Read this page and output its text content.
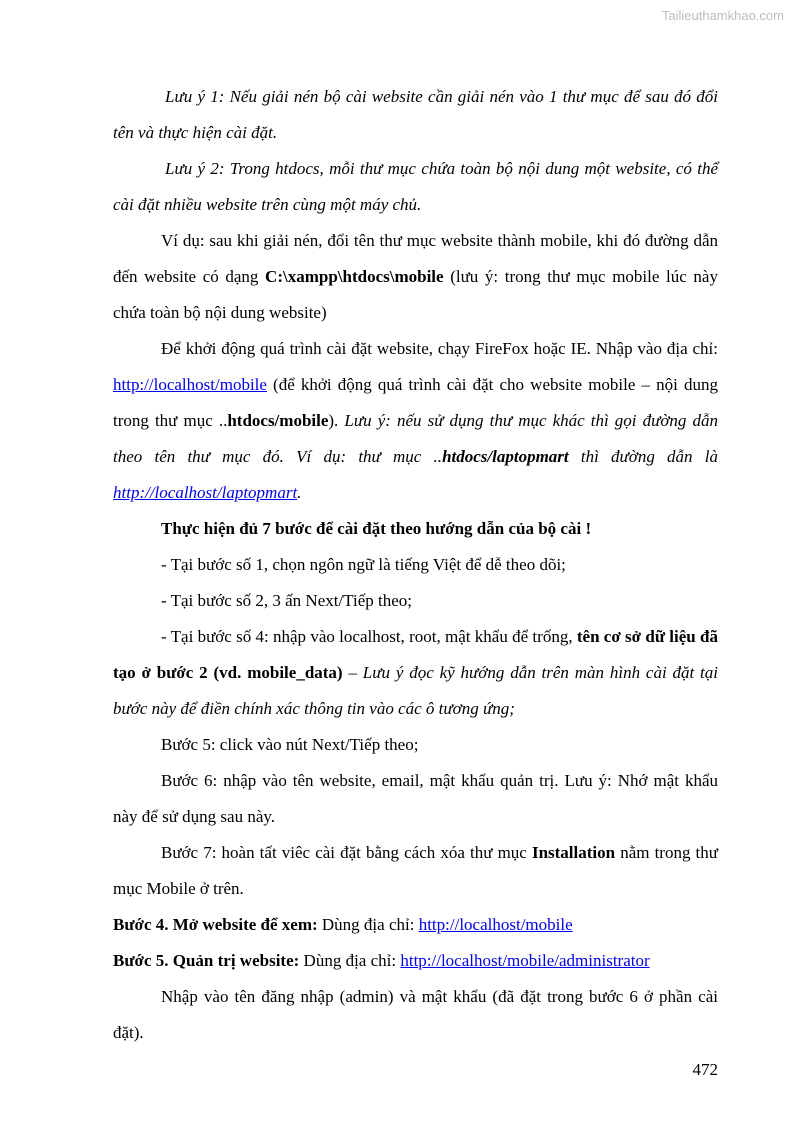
Tailieuthamkhao.com

Lưu ý 1: Nếu giải nén bộ cài website cần giải nén vào 1 thư mục để sau đó đổi tên và thực hiện cài đặt.

Lưu ý 2: Trong htdocs, mỗi thư mục chứa toàn bộ nội dung một website, có thể cài đặt nhiều website trên cùng một máy chủ.

Ví dụ: sau khi giải nén, đổi tên thư mục website thành mobile, khi đó đường dẫn đến website có dạng C:\xampp\htdocs\mobile (lưu ý: trong thư mục mobile lúc này chứa toàn bộ nội dung website)

Để khởi động quá trình cài đặt website, chạy FireFox hoặc IE. Nhập vào địa chỉ: http://localhost/mobile (để khởi động quá trình cài đặt cho website mobile – nội dung trong thư mục ..htdocs/mobile). Lưu ý: nếu sử dụng thư mục khác thì gọi đường dẫn theo tên thư mục đó. Ví dụ: thư mục ..htdocs/laptopmart thì đường dẫn là http://localhost/laptopmart.

Thực hiện đủ 7 bước để cài đặt theo hướng dẫn của bộ cài !

- Tại bước số 1, chọn ngôn ngữ là tiếng Việt để dễ theo dõi;

- Tại bước số 2, 3 ấn Next/Tiếp theo;

- Tại bước số 4: nhập vào localhost, root, mật khẩu để trống, tên cơ sở dữ liệu đã tạo ở bước 2 (vd. mobile_data) – Lưu ý đọc kỹ hướng dẫn trên màn hình cài đặt tại bước này để điền chính xác thông tin vào các ô tương ứng;

Bước 5: click vào nút Next/Tiếp theo;

Bước 6: nhập vào tên website, email, mật khẩu quản trị. Lưu ý: Nhớ mật khẩu này để sử dụng sau này.

Bước 7: hoàn tất viêc cài đặt bằng cách xóa thư mục Installation nằm trong thư mục Mobile ở trên.

Bước 4. Mở website để xem: Dùng địa chỉ: http://localhost/mobile

Bước 5. Quản trị website: Dùng địa chỉ: http://localhost/mobile/administrator

Nhập vào tên đăng nhập (admin) và mật khẩu (đã đặt trong bước 6 ở phần cài đặt).

472
